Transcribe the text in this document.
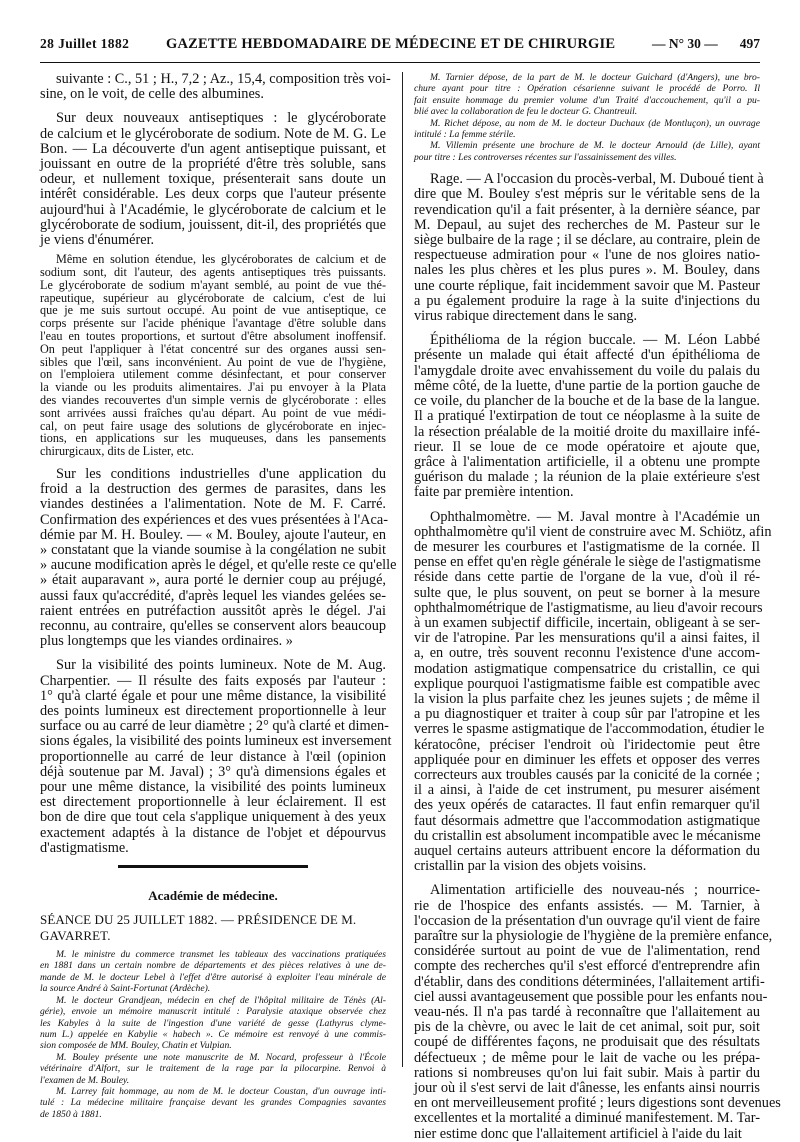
28 Juillet 1882	GAZETTE HEBDOMADAIRE DE MÉDECINE ET DE CHIRURGIE	— N° 30 — 497
suivante : C., 51 ; H., 7,2 ; Az., 15,4, composition très voi-
sine, on le voit, de celle des albumines.
Sur deux nouveaux antiseptiques : le glycéroborate
de calcium et le glycéroborate de sodium. Note de M. G. Le
Bon. — La découverte d'un agent antiseptique puissant, et
jouissant en outre de la propriété d'être très soluble, sans
odeur, et nullement toxique, présenterait sans doute un
intérêt considérable. Les deux corps que l'auteur présente
aujourd'hui à l'Académie, le glycéroborate de calcium et le
glycéroborate de sodium, jouissent, dit-il, des propriétés que
je viens d'énumérer.
Même en solution étendue, les glycéroborates de calcium et de
sodium sont, dit l'auteur, des agents antiseptiques très puissants.
Le glycéroborate de sodium m'ayant semblé, au point de vue thé-
rapeutique, supérieur au glycéroborate de calcium, c'est de lui
que je me suis surtout occupé. Au point de vue antiseptique, ce
corps présente sur l'acide phénique l'avantage d'être soluble dans
l'eau en toutes proportions, et surtout d'être absolument inoffensif.
On peut l'appliquer à l'état concentré sur des organes aussi sen-
sibles que l'œil, sans inconvénient. Au point de vue de l'hygiène,
on l'emploiera utilement comme désinfectant, et pour conserver
la viande ou les produits alimentaires. J'ai pu envoyer à la Plata
des viandes recouvertes d'un simple vernis de glycéroborate : elles
sont arrivées aussi fraîches qu'au départ. Au point de vue médi-
cal, on peut faire usage des solutions de glycéroborate en injec-
tions, en applications sur les muqueuses, dans les pansements
chirurgicaux, dits de Lister, etc.
Sur les conditions industrielles d'une application du
froid a la destruction des germes de parasites, dans les
viandes destinées a l'alimentation. Note de M. F. Carré.
Confirmation des expériences et des vues présentées à l'Aca-
démie par M. H. Bouley. — « M. Bouley, ajoute l'auteur, en
» constatant que la viande soumise à la congélation ne subit
» aucune modification après le dégel, et qu'elle reste ce qu'elle
» était auparavant », aura porté le dernier coup au préjugé,
aussi faux qu'accrédité, d'après lequel les viandes gelées se-
raient entrées en putréfaction aussitôt après le dégel. J'ai
reconnu, au contraire, qu'elles se conservent alors beaucoup
plus longtemps que les viandes ordinaires. »
Sur la visibilité des points lumineux. Note de M. Aug.
Charpentier. — Il résulte des faits exposés par l'auteur :
1° qu'à clarté égale et pour une même distance, la visibilité
des points lumineux est directement proportionnelle à leur
surface ou au carré de leur diamètre ; 2° qu'à clarté et dimen-
sions égales, la visibilité des points lumineux est inversement
proportionnelle au carré de leur distance à l'œil (opinion
déjà soutenue par M. Javal) ; 3° qu'à dimensions égales et
pour une même distance, la visibilité des points lumineux
est directement proportionnelle à leur éclairement. Il est
bon de dire que tout cela s'applique uniquement à des yeux
exactement adaptés à la distance de l'objet et dépourvus
d'astigmatisme.
Académie de médecine.
SÉANCE DU 25 JUILLET 1882. — PRÉSIDENCE DE M. GAVARRET.
M. le ministre du commerce transmet les tableaux des vaccinations pratiquées
en 1881 dans un certain nombre de départements et des pièces relatives à une de-
mande de M. le docteur Lebel à l'effet d'être autorisé à exploiter l'eau minérale de
la source André à Saint-Fortunat (Ardèche).
M. le docteur Grandjean, médecin en chef de l'hôpital militaire de Ténès (Al-
gérie), envoie un mémoire manuscrit intitulé : Paralysie ataxique observée chez
les Kabyles à la suite de l'ingestion d'une variété de gesse (Lathyrus clyme-
num L.) appelée en Kabylie « habech ». Ce mémoire est renvoyé à une commis-
sion composée de MM. Bouley, Chatin et Vulpian.
M. Bouley présente une note manuscrite de M. Nocard, professeur à l'École
vétérinaire d'Alfort, sur le traitement de la rage par la pilocarpine. Renvoi à
l'examen de M. Bouley.
M. Larrey fait hommage, au nom de M. le docteur Coustan, d'un ouvrage inti-
tulé : La médecine militaire française devant les grandes Compagnies savantes
de 1850 à 1881.
M. Tarnier dépose, de la part de M. le docteur Guichard (d'Angers), une bro-
chure ayant pour titre : Opération césarienne suivant le procédé de Porro. Il
fait ensuite hommage du premier volume d'un Traité d'accouchement, qu'il a pu-
blié avec la collaboration de feu le docteur G. Chantreuil.
M. Richet dépose, au nom de M. le docteur Duchaux (de Montluçon), un ouvrage
intitulé : La femme stérile.
M. Villemin présente une brochure de M. le docteur Arnould (de Lille), ayant
pour titre : Les controverses récentes sur l'assainissement des villes.
Rage. — A l'occasion du procès-verbal, M. Duboué tient à
dire que M. Bouley s'est mépris sur le véritable sens de la
revendication qu'il a fait présenter, à la dernière séance, par
M. Depaul, au sujet des recherches de M. Pasteur sur le
siège bulbaire de la rage ; il se déclare, au contraire, plein de
respectueuse admiration pour « l'une de nos gloires natio-
nales les plus chères et les plus pures ». M. Bouley, dans
une courte réplique, fait incidemment savoir que M. Pasteur
a pu également produire la rage à la suite d'injections du
virus rabique directement dans le sang.
Épithélioma de la région buccale. — M. Léon Labbé
présente un malade qui était affecté d'un épithélioma de
l'amygdale droite avec envahissement du voile du palais du
même côté, de la luette, d'une partie de la portion gauche de
ce voile, du plancher de la bouche et de la base de la langue.
Il a pratiqué l'extirpation de tout ce néoplasme à la suite de
la résection préalable de la moitié droite du maxillaire infé-
rieur. Il se loue de ce mode opératoire et ajoute que,
grâce à l'alimentation artificielle, il a obtenu une prompte
guérison du malade ; la réunion de la plaie extérieure s'est
faite par première intention.
Ophthalmomètre. — M. Javal montre à l'Académie un
ophthalmomètre qu'il vient de construire avec M. Schiötz, afin
de mesurer les courbures et l'astigmatisme de la cornée. Il
pense en effet qu'en règle générale le siège de l'astigmatisme
réside dans cette partie de l'organe de la vue, d'où il ré-
sulte que, le plus souvent, on peut se borner à la mesure
ophthalmométrique de l'astigmatisme, au lieu d'avoir recours
à un examen subjectif difficile, incertain, obligeant à se ser-
vir de l'atropine. Par les mensurations qu'il a ainsi faites, il
a, en outre, très souvent reconnu l'existence d'une accom-
modation astigmatique compensatrice du cristallin, ce qui
explique pourquoi l'astigmatisme faible est compatible avec
la vision la plus parfaite chez les jeunes sujets ; de même il
a pu diagnostiquer et traiter à coup sûr par l'atropine et les
verres le spasme astigmatique de l'accommodation, étudier le
kératocône, préciser l'endroit où l'iridectomie peut être
appliquée pour en diminuer les effets et opposer des verres
correcteurs aux troubles causés par la conicité de la cornée ;
il a ainsi, à l'aide de cet instrument, pu mesurer aisément
des yeux opérés de cataractes. Il faut enfin remarquer qu'il
faut désormais admettre que l'accommodation astigmatique
du cristallin est absolument incompatible avec le mécanisme
auquel certains auteurs attribuent encore la déformation du
cristallin par la vision des objets voisins.
Alimentation artificielle des nouveau-nés ; nourrice-
rie de l'hospice des enfants assistés. — M. Tarnier, à
l'occasion de la présentation d'un ouvrage qu'il vient de faire
paraître sur la physiologie de l'hygiène de la première enfance,
considérée surtout au point de vue de l'alimentation, rend
compte des recherches qu'il s'est efforcé d'entreprendre afin
d'établir, dans des conditions déterminées, l'allaitement artifi-
ciel aussi avantageusement que possible pour les enfants nou-
veau-nés. Il n'a pas tardé à reconnaître que l'allaitement au
pis de la chèvre, ou avec le lait de cet animal, soit pur, soit
coupé de différentes façons, ne produisait que des résultats
défectueux ; de même pour le lait de vache ou les prépa-
rations si nombreuses qu'on lui fait subir. Mais à partir du
jour où il s'est servi de lait d'ânesse, les enfants ainsi nourris
en ont merveilleusement profité ; leurs digestions sont devenues
excellentes et la mortalité a diminué manifestement. M. Tar-
nier estime donc que l'allaitement artificiel à l'aide du lait
